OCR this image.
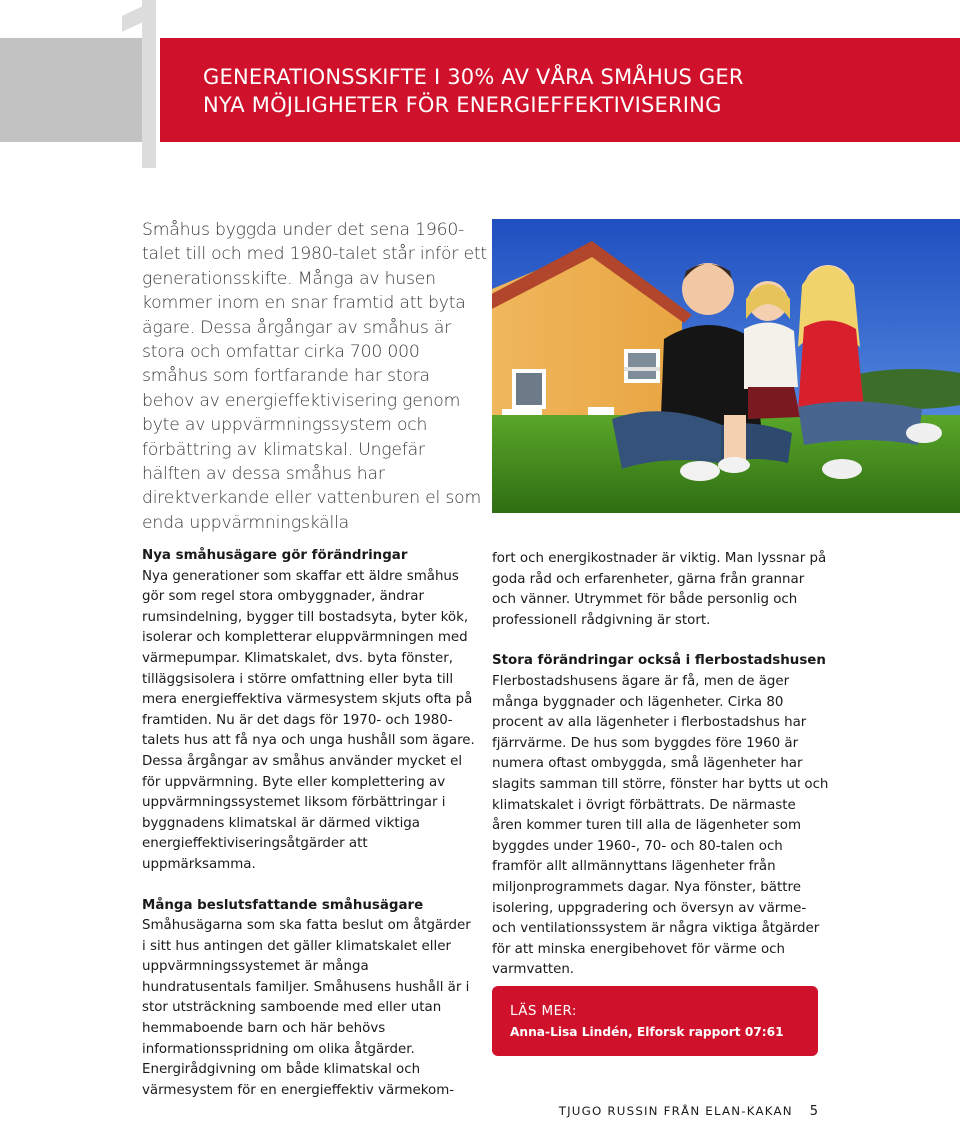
GENERATIONSSKIFTE I 30% AV VÅRA SMÅHUS GER
NYA MÖJLIGHETER FÖR ENERGIEFFEKTIVISERING

Småhus byggda under det sena 1960-talet till och med 1980-talet står inför ett generationsskifte. Många av husen kommer inom en snar framtid att byta ägare. Dessa årgångar av småhus är stora och omfattar cirka 700 000 småhus som fortfarande har stora behov av energieffektivisering genom byte av uppvärmningssystem och förbättring av klimatskal. Ungefär hälften av dessa småhus har direktverkande eller vattenburen el som enda uppvärmningskälla

Nya småhusägare gör förändringar

Nya generationer som skaffar ett äldre småhus gör som regel stora ombyggnader, ändrar rumsindelning, bygger till bostadsyta, byter kök, isolerar och kompletterar eluppvärmningen med värmepumpar. Klimatskalet, dvs. byta fönster, tilläggsisolera i större omfattning eller byta till mera energieffektiva värmesystem skjuts ofta på framtiden. Nu är det dags för 1970- och 1980-talets hus att få nya och unga hushåll som ägare. Dessa årgångar av småhus använder mycket el för uppvärmning. Byte eller komplettering av uppvärmningssystemet liksom förbättringar i byggnadens klimatskal är därmed viktiga energieffektiviseringsåtgärder att uppmärksamma.

Många beslutsfattande småhusägare

Småhusägarna som ska fatta beslut om åtgärder i sitt hus antingen det gäller klimatskalet eller uppvärmningssystemet är många hundratusentals familjer. Småhusens hushåll är i stor utsträckning samboende med eller utan hemmaboende barn och här behövs informationsspridning om olika åtgärder. Energirådgivning om både klimatskal och värmesystem för en energieffektiv värmekom-

fort och energikostnader är viktig. Man lyssnar på goda råd och erfarenheter, gärna från grannar och vänner. Utrymmet för både personlig och professionell rådgivning är stort.

Stora förändringar också i flerbostadshusen

Flerbostadshusens ägare är få, men de äger många byggnader och lägenheter. Cirka 80 procent av alla lägenheter i flerbostadshus har fjärrvärme. De hus som byggdes före 1960 är numera oftast ombyggda, små lägenheter har slagits samman till större, fönster har bytts ut och klimatskalet i övrigt förbättrats. De närmaste åren kommer turen till alla de lägenheter som byggdes under 1960-, 70- och 80-talen och framför allt allmännyttans lägenheter från miljonprogrammets dagar. Nya fönster, bättre isolering, uppgradering och översyn av värme- och ventilationssystem är några viktiga åtgärder för att minska energibehovet för värme och varmvatten.

LÄS MER:
Anna-Lisa Lindén, Elforsk rapport 07:61
TJUGO RUSSIN FRÅN ELAN-KAKAN 5
